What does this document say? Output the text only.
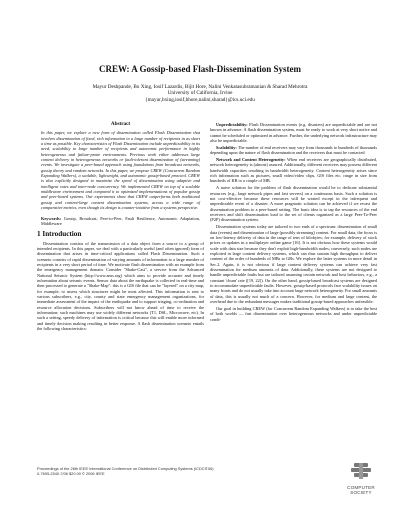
CREW: A Gossip-based Flash-Dissemination System
Mayur Deshpande, Bo Xing, Iosif Lazardis, Bijit Hore, Nalini Venkatasubramanian & Sharad Mehrotra
University of California, Irvine
{mayur,bxing,iosif,bhore,nalini,sharad}@ics.uci.edu
Abstract
In this paper, we explore a new form of dissemination called Flash Dissemination that involves dissemination of fixed, rich information to a large number of recipients in as short a time as possible. Key characteristics of Flash Dissemination include unpredictability in its need, scalability to large number of recipients and autonomic performance in highly heterogeneous and failure-prone environments. Previous work either addresses large content delivery in heterogeneous networks or fault-tolerant dissemination of (streaming) events. We investigate a peer-based approach using foundations from broadcast networks, gossip theory and random networks. In this paper, we propose CREW (Concurrent Random Expanding Walkers), a scalable, lightweight, and autonomic gossip-based protocol. CREW is also explicitly designed to maximize the speed of dissemination using adaptive and intelligent rates and inter-node concurrency. We implemented CREW on top of a scalable middleware environment and compared it to optimized implementations of popular gossip and peer-based systems. Our experiments show that CREW outperforms both traditional gossip and content-large content dissemination systems, across a wide range of comparative metrics, even though its design is counter-intuitive from a systems perspective.
Keywords: Gossip, Broadcast, Peer-to-Peer, Fault Resilience, Autonomic Adaptation, Middleware
1 Introduction

Dissemination consists of the transmission of a data object from a source to a group of intended recipients. In this paper, we deal with a particularly useful (and often ignored) form of dissemination that arises in time-critical applications called Flash Dissemination. Such a scenario consists of rapid dissemination of varying amounts of information to a large number of recipients in a very short period of time. We motivate flash dissemination with an example from the emergency management domain. Consider "Shake-Cast", a service from the Advanced National Seismic System (http://www.anss.org) which aims to provide accurate and timely information about seismic events. Sensor data about the earthquake is collected in real-time and then processed to generate a "Shake-Map": this is a GIS file that can be "layered" on a city map, for example, to assess which structures might be most affected. This information is sent to various subscribers, e.g., city, county and state emergency management organizations, for immediate assessment of the impact of the earthquake and to support triaging, co-ordination and resource allocation decisions. Subscribers will not know ahead of time to receive the information; such machines may use widely different networks (T1, DSL, Microwave, etc). In such a setting, speedy delivery of information is critical because this will enable more informed and timely decision making resulting in better response. A flash dissemination scenario entails the following characteristics:

Unpredictability: Flash Dissemination events (e.g. disasters) are unpredictable and are not known in advance. A flash dissemination system, must be ready to work at very short notice and cannot be scheduled or optimized in advance. Further, the underlying network infrastructure may also be unpredictable.

Scalability: The number of end receivers may vary from thousands to hundreds of thousands depending upon the nature of flash dissemination and the receivers that must be contacted.

Network and Content Heterogeneity: When end receivers are geographically distributed, network heterogeneity is (almost) assured. Additionally, different receivers may possess different bandwidth capacities resulting in bandwidth heterogeneity. Content heterogeneity arises since rich information such as pictures, small video/video clips, GIS files etc. range in size from hundreds of KB to a couple of MB.

A naive solution for the problem of flash dissemination would be to dedicate substantial resources (e.g., large network pipes and fast servers) on a continuous basis. Such a solution is not cost-effective because these resources will be wasted except in the infrequent and unpredictable event of a disaster. A more pragmatic solution can be achieved if we recast the dissemination problem to a peer-based setting. The basic idea is to tap the resources of the end receivers and shift dissemination load to the set of clients organized as a large Peer-To-Peer (P2P) dissemination system.

Dissemination systems today are tailored to two ends of a spectrum: dissemination of small data (events) and dissemination of large (possibly streaming) content. For small data, the focus is on low-latency delivery of data in the range of tens of kilobytes; for example, delivery of stock prices or updates in a multiplayer online game [16]. It is not obvious how these systems would scale with data size because they don't exploit high-bandwidth nodes; conversely, such nodes are exploited in large content delivery systems, which can thus sustain high throughput to deliver content of the order of hundreds of MBs to GBs. We explore the latter systems in more detail in Sec.2. Again, it is not obvious if large content delivery systems can achieve very fast dissemination for medium amounts of data. Additionally, these systems are not designed to handle unpredictable faults but are tailored assuming certain network and host behaviors, e.g., a constant 'churn' rate ([19, 22]). On the other hand, gossip-based broadcast systems are designed to accommodate unpredictable faults. However, gossip-based protocols face scalability issues on many fronts and do not usually take into account large network heterogeneity. For small amounts of data, this is usually not much of a concern. However, for medium and large content, the overhead due to the redundant messages makes traditional gossip-based approaches unfeasible.

Our goal in building CREW (for Concurrent Random Expanding Walkers) is to take the best of both worlds — fast dissemination over heterogeneous networks and under unpredictable condi-

Proceedings of the 26th IEEE International Conference on Distributed Computing Systems (ICDCS'06)
0-7695-2540-7/06 $20.00 © 2006 IEEE
COMPUTER
SOCIETY
